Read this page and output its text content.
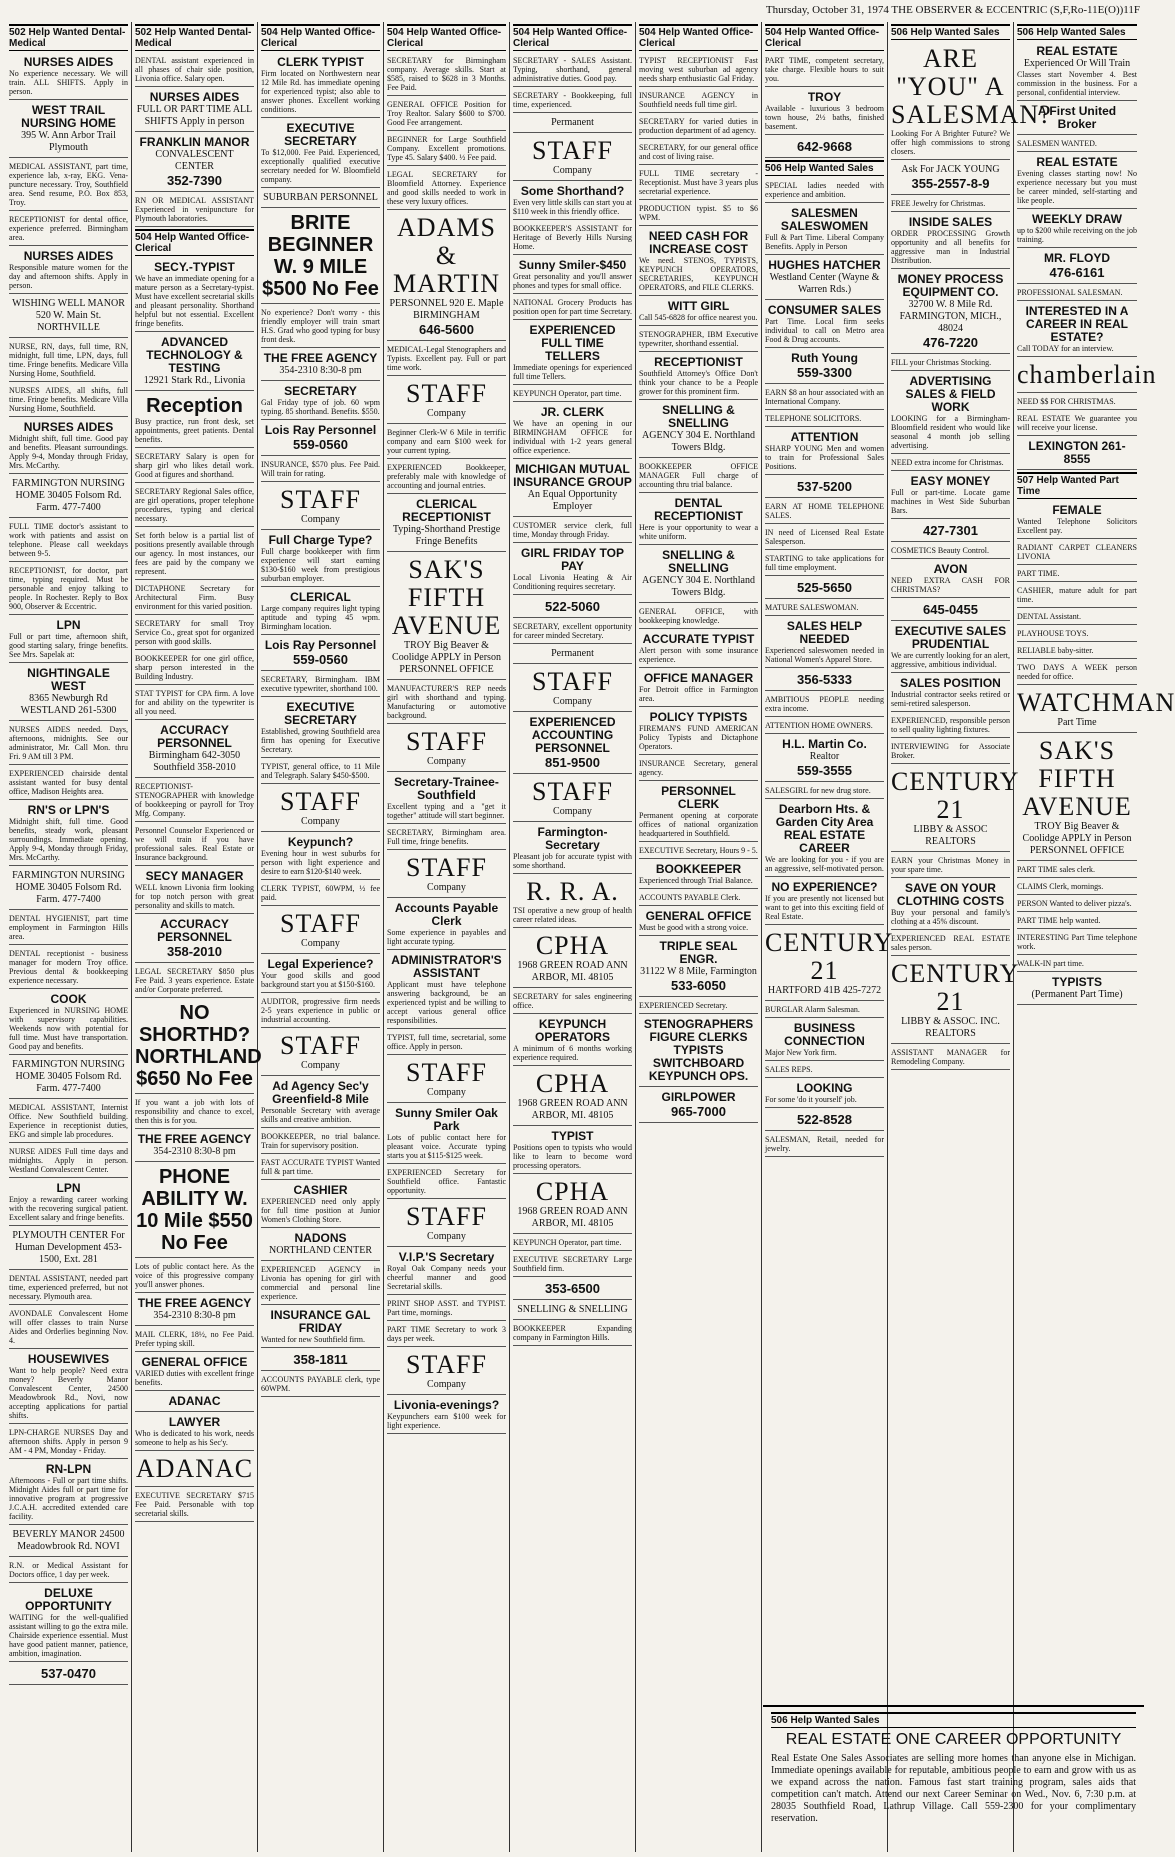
Thursday, October 31, 1974 THE OBSERVER & ECCENTRIC (S,F,Ro-11E(O))11F
502 Help Wanted Dental-Medical
NURSES AIDES
No experience necessary. We will train. ALL SHIFTS. Apply in person.
WEST TRAIL NURSING HOME
395 W. Ann Arbor Trail Plymouth
MEDICAL ASSISTANT, part time, experience lab, x-ray, EKG. Vena-puncture necessary. Troy, Southfield area. Send resume, P.O. Box 853, Troy.
RECEPTIONIST for dental office, experience preferred. Birmingham area.
NURSES AIDES
Responsible mature women for the day and afternoon shifts. Apply in person.
WISHING WELL MANOR 520 W. Main St. NORTHVILLE
NURSE, RN, days, full time, RN, midnight, full time, LPN, days, full time. Fringe benefits. Medicare Villa Nursing Home, Southfield.
NURSES AIDES, all shifts, full time. Fringe benefits. Medicare Villa Nursing Home, Southfield.
NURSES AIDES
Midnight shift, full time. Good pay and benefits. Pleasant surroundings. Apply 9-4, Monday through Friday, Mrs. McCarthy.
FARMINGTON NURSING HOME 30405 Folsom Rd. Farm. 477-7400
FULL TIME doctor's assistant to work with patients and assist on telephone. Please call weekdays between 9-5.
RECEPTIONIST, for doctor, part time, typing required. Must be personable and enjoy talking to people. In Rochester. Reply to Box 900, Observer & Eccentric.
LPN
Full or part time, afternoon shift, good starting salary, fringe benefits. See Mrs. Sapelak at:
NIGHTINGALE WEST
8365 Newburgh Rd WESTLAND 261-5300
NURSES AIDES needed. Days, afternoons, midnights. See our administrator, Mr. Call Mon. thru Fri. 9 AM till 3 PM.
EXPERIENCED chairside dental assistant wanted for busy dental office, Madison Heights area.
RN'S or LPN'S
Midnight shift, full time. Good benefits, steady work, pleasant surroundings. Immediate opening. Apply 9-4, Monday through Friday, Mrs. McCarthy.
FARMINGTON NURSING HOME 30405 Folsom Rd. Farm. 477-7400
DENTAL HYGIENIST, part time employment in Farmington Hills area.
DENTAL receptionist - business manager for modern Troy office. Previous dental & bookkeeping experience necessary.
COOK
Experienced in NURSING HOME with supervisory capabilities. Weekends now with potential for full time. Must have transportation. Good pay and benefits.
FARMINGTON NURSING HOME 30405 Folsom Rd. Farm. 477-7400
MEDICAL ASSISTANT, Internist Office. New Southfield building. Experience in receptionist duties, EKG and simple lab procedures.
NURSE AIDES Full time days and midnights. Apply in person. Westland Convalescent Center.
LPN
Enjoy a rewarding career working with the recovering surgical patient. Excellent salary and fringe benefits.
PLYMOUTH CENTER For Human Development 453-1500, Ext. 281
DENTAL ASSISTANT, needed part time, experienced preferred, but not necessary. Plymouth area.
AVONDALE Convalescent Home will offer classes to train Nurse Aides and Orderlies beginning Nov. 4.
HOUSEWIVES
Want to help people? Need extra money? Beverly Manor Convalescent Center, 24500 Meadowbrook Rd., Novi, now accepting applications for partial shifts.
LPN-CHARGE NURSES Day and afternoon shifts. Apply in person 9 AM - 4 PM, Monday - Friday.
RN-LPN
Afternoons - Full or part time shifts. Midnight Aides full or part time for innovative program at progressive J.C.A.H. accredited extended care facility.
BEVERLY MANOR 24500 Meadowbrook Rd. NOVI
R.N. or Medical Assistant for Doctors office, 1 day per week.
DELUXE OPPORTUNITY
WAITING for the well-qualified assistant willing to go the extra mile. Chairside experience essential. Must have good patient manner, patience, ambition, imagination.
537-0470
502 Help Wanted Dental-Medical
DENTAL assistant experienced in all phases of chair side position, Livonia office. Salary open.
NURSES AIDES
FULL OR PART TIME ALL SHIFTS Apply in person
FRANKLIN MANOR
CONVALESCENT CENTER
352-7390
RN OR MEDICAL ASSISTANT Experienced in venipuncture for Plymouth laboratories.
504 Help Wanted Office-Clerical
SECY.-TYPIST
We have an immediate opening for a mature person as a Secretary-typist. Must have excellent secretarial skills and pleasant personality. Shorthand helpful but not essential. Excellent fringe benefits.
ADVANCED TECHNOLOGY & TESTING
12921 Stark Rd., Livonia
Reception
Busy practice, run front desk, set appointments, greet patients. Dental benefits.
SECRETARY Salary is open for sharp girl who likes detail work. Good at figures and shorthand.
SECRETARY Regional Sales office, are girl operations, proper telephone procedures, typing and clerical necessary.
Set forth below is a partial list of positions presently available through our agency. In most instances, our fees are paid by the company we represent.
DICTAPHONE Secretary for Architectural Firm. Busy environment for this varied position.
SECRETARY for small Troy Service Co., great spot for organized person with good skills.
BOOKKEEPER for one girl office, sharp person interested in the Building Industry.
STAT TYPIST for CPA firm. A love for and ability on the typewriter is all you need.
ACCURACY PERSONNEL
Birmingham 642-3050 Southfield 358-2010
RECEPTIONIST-STENOGRAPHER with knowledge of bookkeeping or payroll for Troy Mfg. Company.
Personnel Counselor Experienced or we will train if you have professional sales. Real Estate or Insurance background.
SECY MANAGER
WELL known Livonia firm looking for top notch person with great personality and skills to match.
ACCURACY PERSONNEL
358-2010
LEGAL SECRETARY $850 plus Fee Paid. 3 years experience. Estate and/or Corporate preferred.
NO SHORTHD? NORTHLAND $650 No Fee
If you want a job with lots of responsibility and chance to excel, then this is for you.
THE FREE AGENCY
354-2310 8:30-8 pm
PHONE ABILITY W. 10 Mile $550 No Fee
Lots of public contact here. As the voice of this progressive company you'll answer phones.
THE FREE AGENCY
354-2310 8:30-8 pm
MAIL CLERK, 18½, no Fee Paid. Prefer typing skill.
GENERAL OFFICE
VARIED duties with excellent fringe benefits.
ADANAC
LAWYER
Who is dedicated to his work, needs someone to help as his Sec'y.
ADANAC
EXECUTIVE SECRETARY $715 Fee Paid. Personable with top secretarial skills.
504 Help Wanted Office-Clerical
CLERK TYPIST
Firm located on Northwestern near 12 Mile Rd. has immediate opening for experienced typist; also able to answer phones. Excellent working conditions.
EXECUTIVE SECRETARY
To $12,000. Fee Paid. Experienced, exceptionally qualified executive secretary needed for W. Bloomfield company.
SUBURBAN PERSONNEL
BRITE BEGINNER W. 9 MILE $500 No Fee
No experience? Don't worry - this friendly employer will train smart H.S. Grad who good typing for busy front desk.
THE FREE AGENCY
354-2310 8:30-8 pm
SECRETARY
Gal Friday type of job. 60 wpm typing. 85 shorthand. Benefits. $550.
Lois Ray Personnel
559-0560
INSURANCE, $570 plus. Fee Paid. Will train for rating.
STAFF
Company
Full Charge Type?
Full charge bookkeeper with firm experience will start earning $130-$160 week from prestigious suburban employer.
CLERICAL
Large company requires light typing aptitude and typing 45 wpm. Birmingham location.
Lois Ray Personnel
559-0560
SECRETARY, Birmingham. IBM executive typewriter, shorthand 100.
EXECUTIVE SECRETARY
Established, growing Southfield area firm has opening for Executive Secretary.
TYPIST, general office, to 11 Mile and Telegraph. Salary $450-$500.
STAFF
Company
Keypunch?
Evening hour in west suburbs for person with light experience and desire to earn $120-$140 week.
CLERK TYPIST, 60WPM, ½ fee paid.
STAFF
Company
Legal Experience?
Your good skills and good background start you at $150-$160.
AUDITOR, progressive firm needs 2-5 years experience in public or industrial accounting.
STAFF
Company
Ad Agency Sec'y Greenfield-8 Mile
Personable Secretary with average skills and creative ambition.
BOOKKEEPER, no trial balance. Train for supervisory position.
FAST ACCURATE TYPIST Wanted full & part time.
CASHIER
EXPERIENCED need only apply for full time position at Junior Women's Clothing Store.
NADONS
NORTHLAND CENTER
EXPERIENCED AGENCY in Livonia has opening for girl with commercial and personal line experience.
INSURANCE GAL FRIDAY
Wanted for new Southfield firm.
358-1811
ACCOUNTS PAYABLE clerk, type 60WPM.
504 Help Wanted Office-Clerical
SECRETARY for Birmingham company. Average skills. Start at $585, raised to $628 in 3 Months. Fee Paid.
GENERAL OFFICE Position for Troy Realtor. Salary $600 to $700. Good Fee arrangement.
BEGINNER for Large Southfield Company. Excellent promotions. Type 45. Salary $400. ½ Fee paid.
LEGAL SECRETARY for Bloomfield Attorney. Experience and good skills needed to work in these very luxury offices.
ADAMS & MARTIN
PERSONNEL 920 E. Maple BIRMINGHAM
646-5600
MEDICAL-Legal Stenographers and Typists. Excellent pay. Full or part time work.
STAFF
Company
Beginner Clerk-W 6 Mile in terrific company and earn $100 week for your current typing.
EXPERIENCED Bookkeeper, preferably male with knowledge of accounting and journal entries.
CLERICAL RECEPTIONIST
Typing-Shorthand Prestige Fringe Benefits
SAK'S FIFTH AVENUE
TROY Big Beaver & Coolidge APPLY in Person PERSONNEL OFFICE
MANUFACTURER'S REP needs girl with shorthand and typing. Manufacturing or automotive background.
STAFF
Company
Secretary-Trainee-Southfield
Excellent typing and a "get it together" attitude will start beginner.
SECRETARY, Birmingham area. Full time, fringe benefits.
STAFF
Company
Accounts Payable Clerk
Some experience in payables and light accurate typing.
ADMINISTRATOR'S ASSISTANT
Applicant must have telephone answering background, be an experienced typist and be willing to accept various general office responsibilities.
TYPIST, full time, secretarial, some office. Apply in person.
STAFF
Company
Sunny Smiler Oak Park
Lots of public contact here for pleasant voice. Accurate typing starts you at $115-$125 week.
EXPERIENCED Secretary for Southfield office. Fantastic opportunity.
STAFF
Company
V.I.P.'S Secretary
Royal Oak Company needs your cheerful manner and good Secretarial skills.
PRINT SHOP ASST. and TYPIST. Part time, mornings.
PART TIME Secretary to work 3 days per week.
STAFF
Company
Livonia-evenings?
Keypunchers earn $100 week for light experience.
504 Help Wanted Office-Clerical
SECRETARY - SALES Assistant. Typing, shorthand, general administrative duties. Good pay.
SECRETARY - Bookkeeping, full time, experienced.
Permanent
STAFF
Company
Some Shorthand?
Even very little skills can start you at $110 week in this friendly office.
BOOKKEEPER'S ASSISTANT for Heritage of Beverly Hills Nursing Home.
Sunny Smiler-$450
Great personality and you'll answer phones and types for small office.
NATIONAL Grocery Products has position open for part time Secretary.
EXPERIENCED FULL TIME TELLERS
Immediate openings for experienced full time Tellers.
KEYPUNCH Operator, part time.
JR. CLERK
We have an opening in our BIRMINGHAM OFFICE for individual with 1-2 years general office experience.
MICHIGAN MUTUAL INSURANCE GROUP
An Equal Opportunity Employer
CUSTOMER service clerk, full time, Monday through Friday.
GIRL FRIDAY TOP PAY
Local Livonia Heating & Air Conditioning requires secretary.
522-5060
SECRETARY, excellent opportunity for career minded Secretary.
Permanent
STAFF
Company
EXPERIENCED ACCOUNTING PERSONNEL
851-9500
STAFF
Company
Farmington-Secretary
Pleasant job for accurate typist with some shorthand.
R. R. A.
TSI operative a new group of health career related ideas.
CPHA
1968 GREEN ROAD ANN ARBOR, MI. 48105
SECRETARY for sales engineering office.
KEYPUNCH OPERATORS
A minimum of 6 months working experience required.
CPHA
1968 GREEN ROAD ANN ARBOR, MI. 48105
TYPIST
Positions open to typists who would like to learn to become word processing operators.
CPHA
1968 GREEN ROAD ANN ARBOR, MI. 48105
KEYPUNCH Operator, part time.
EXECUTIVE SECRETARY Large Southfield firm.
353-6500
SNELLING & SNELLING
BOOKKEEPER Expanding company in Farmington Hills.
504 Help Wanted Office-Clerical
TYPIST RECEPTIONIST Fast moving west suburban ad agency needs sharp enthusiastic Gal Friday.
INSURANCE AGENCY in Southfield needs full time girl.
SECRETARY for varied duties in production department of ad agency.
SECRETARY, for our general office and cost of living raise.
FULL TIME secretary - Receptionist. Must have 3 years plus secretarial experience.
PRODUCTION typist. $5 to $6 WPM.
NEED CASH FOR INCREASE COST
We need. STENOS, TYPISTS, KEYPUNCH OPERATORS, SECRETARIES, KEYPUNCH OPERATORS, and FILE CLERKS.
WITT GIRL
Call 545-6828 for office nearest you.
STENOGRAPHER, IBM Executive typewriter, shorthand essential.
RECEPTIONIST
Southfield Attorney's Office Don't think your chance to be a People grower for this prominent firm.
SNELLING & SNELLING
AGENCY 304 E. Northland Towers Bldg.
BOOKKEEPER OFFICE MANAGER Full charge of accounting thru trial balance.
DENTAL RECEPTIONIST
Here is your opportunity to wear a white uniform.
SNELLING & SNELLING
AGENCY 304 E. Northland Towers Bldg.
GENERAL OFFICE, with bookkeeping knowledge.
ACCURATE TYPIST
Alert person with some insurance experience.
OFFICE MANAGER
For Detroit office in Farmington area.
POLICY TYPISTS
FIREMAN'S FUND AMERICAN Policy Typists and Dictaphone Operators.
INSURANCE Secretary, general agency.
PERSONNEL CLERK
Permanent opening at corporate offices of national organization headquartered in Southfield.
EXECUTIVE Secretary, Hours 9 - 5.
BOOKKEEPER
Experienced through Trial Balance.
ACCOUNTS PAYABLE Clerk.
GENERAL OFFICE
Must be good with a strong voice.
TRIPLE SEAL ENGR.
31122 W 8 Mile, Farmington
533-6050
EXPERIENCED Secretary.
STENOGRAPHERS FIGURE CLERKS TYPISTS SWITCHBOARD KEYPUNCH OPS.
GIRLPOWER
965-7000
504 Help Wanted Office-Clerical
PART TIME, competent secretary, take charge. Flexible hours to suit you.
TROY
Available - luxurious 3 bedroom town house, 2½ baths, finished basement.
642-9668
506 Help Wanted Sales
SPECIAL ladies needed with experience and ambition.
SALESMEN SALESWOMEN
Full & Part Time. Liberal Company Benefits. Apply in Person
HUGHES HATCHER
Westland Center (Wayne & Warren Rds.)
CONSUMER SALES
Part Time. Local firm seeks individual to call on Metro area Food & Drug accounts.
Ruth Young
559-3300
EARN $8 an hour associated with an International Company.
TELEPHONE SOLICITORS.
ATTENTION
SHARP YOUNG Men and women to train for Professional Sales Positions.
537-5200
EARN AT HOME TELEPHONE SALES.
IN need of Licensed Real Estate Salesperson.
STARTING to take applications for full time employment.
525-5650
MATURE SALESWOMAN.
SALES HELP NEEDED
Experienced saleswomen needed in National Women's Apparel Store.
356-5333
AMBITIOUS PEOPLE needing extra income.
ATTENTION HOME OWNERS.
H.L. Martin Co.
Realtor
559-3555
SALESGIRL for new drug store.
Dearborn Hts. & Garden City Area REAL ESTATE CAREER
We are looking for you - if you are an aggressive, self-motivated person.
NO EXPERIENCE?
If you are presently not licensed but want to get into this exciting field of Real Estate.
CENTURY 21
HARTFORD 41B 425-7272
BURGLAR Alarm Salesman.
BUSINESS CONNECTION
Major New York firm.
SALES REPS.
LOOKING
For some 'do it yourself' job.
522-8528
SALESMAN, Retail, needed for jewelry.
506 Help Wanted Sales
ARE "YOU" A SALESMAN?
Looking For A Brighter Future? We offer high commissions to strong closers.
Ask For JACK YOUNG
355-2557-8-9
FREE Jewelry for Christmas.
INSIDE SALES
ORDER PROCESSING Growth opportunity and all benefits for aggressive man in Industrial Distribution.
MONEY PROCESS EQUIPMENT CO.
32700 W. 8 Mile Rd. FARMINGTON, MICH., 48024
476-7220
FILL your Christmas Stocking.
ADVERTISING SALES & FIELD WORK
LOOKING for a Birmingham-Bloomfield resident who would like seasonal 4 month job selling advertising.
NEED extra income for Christmas.
EASY MONEY
Full or part-time. Locate game machines in West Side Suburban Bars.
427-7301
COSMETICS Beauty Control.
AVON
NEED EXTRA CASH FOR CHRISTMAS?
645-0455
EXECUTIVE SALES PRUDENTIAL
We are currently looking for an alert, aggressive, ambitious individual.
SALES POSITION
Industrial contractor seeks retired or semi-retired salesperson.
EXPERIENCED, responsible person to sell quality lighting fixtures.
INTERVIEWING for Associate Broker.
CENTURY 21
LIBBY & ASSOC REALTORS
EARN your Christmas Money in your spare time.
SAVE ON YOUR CLOTHING COSTS
Buy your personal and family's clothing at a 45% discount.
EXPERIENCED REAL ESTATE sales person.
CENTURY 21
LIBBY & ASSOC. INC. REALTORS
ASSISTANT MANAGER for Remodeling Company.
506 Help Wanted Sales
REAL ESTATE
Experienced Or Will Train
Classes start November 4. Best commission in the business. For a personal, confidential interview.
A First United Broker
SALESMEN WANTED.
REAL ESTATE
Evening classes starting now! No experience necessary but you must be career minded, self-starting and like people.
WEEKLY DRAW
up to $200 while receiving on the job training.
MR. FLOYD
476-6161
PROFESSIONAL SALESMAN.
INTERESTED IN A CAREER IN REAL ESTATE?
Call TODAY for an interview.
chamberlain
NEED $$ FOR CHRISTMAS.
REAL ESTATE We guarantee you will receive your license.
LEXINGTON 261-8555
507 Help Wanted Part Time
FEMALE
Wanted Telephone Solicitors Excellent pay.
RADIANT CARPET CLEANERS LIVONIA
PART TIME.
CASHIER, mature adult for part time.
DENTAL Assistant.
PLAYHOUSE TOYS.
RELIABLE baby-sitter.
TWO DAYS A WEEK person needed for office.
WATCHMAN
Part Time
SAK'S FIFTH AVENUE
TROY Big Beaver & Coolidge APPLY in Person PERSONNEL OFFICE
PART TIME sales clerk.
CLAIMS Clerk, mornings.
PERSON Wanted to deliver pizza's.
PART TIME help wanted.
INTERESTING Part Time telephone work.
WALK-IN part time.
TYPISTS
(Permanent Part Time)
506 Help Wanted Sales
REAL ESTATE ONE CAREER OPPORTUNITY
Real Estate One Sales Associates are selling more homes than anyone else in Michigan. Immediate openings available for reputable, ambitious people to earn and grow with us as we expand across the nation. Famous fast start training program, sales aids that competition can't match. Attend our next Career Seminar on Wed., Nov. 6, 7:30 p.m. at 28035 Southfield Road, Lathrup Village. Call 559-2300 for your complimentary reservation.
